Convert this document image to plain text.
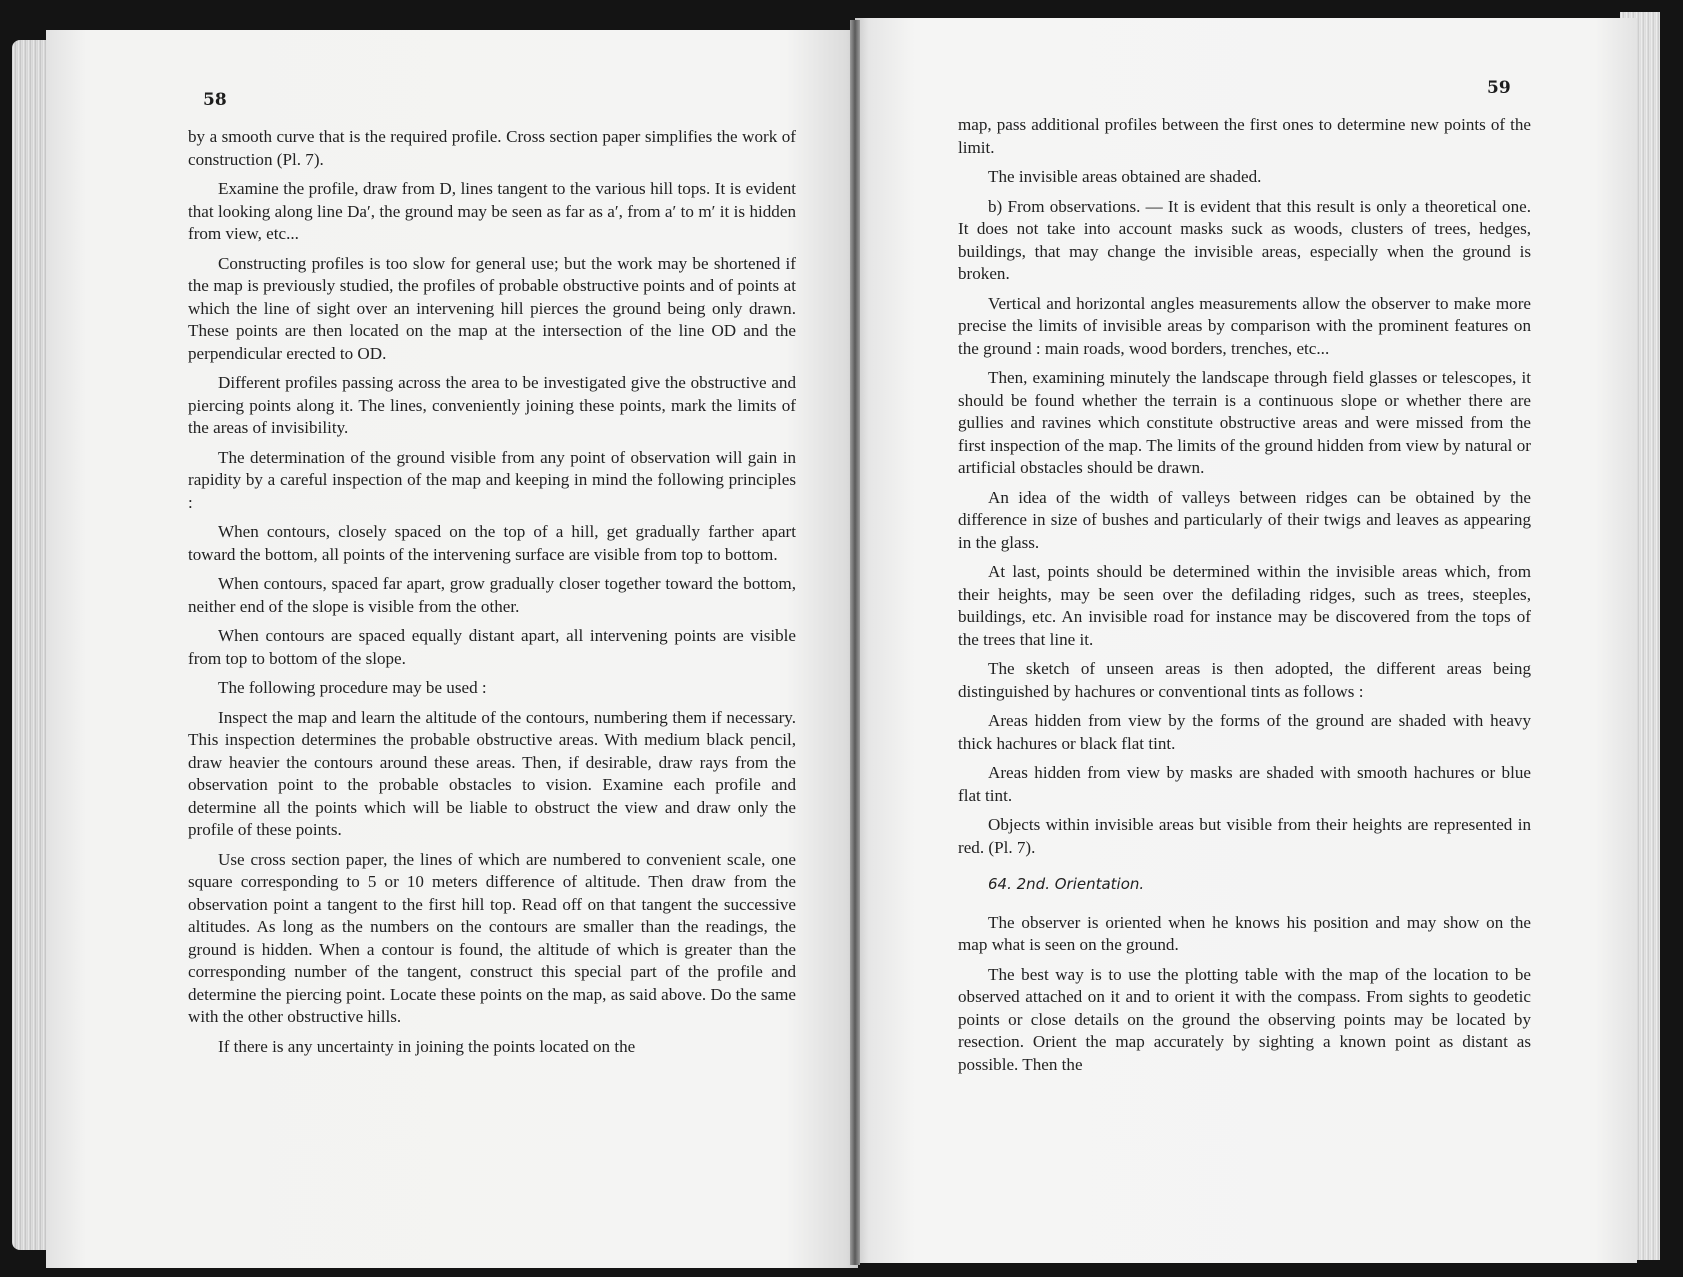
58

by a smooth curve that is the required profile. Cross section paper simplifies the work of construction (Pl. 7).

Examine the profile, draw from D, lines tangent to the various hill tops. It is evident that looking along line Da′, the ground may be seen as far as a′, from a′ to m′ it is hidden from view, etc...

Constructing profiles is too slow for general use; but the work may be shortened if the map is previously studied, the profiles of probable obstructive points and of points at which the line of sight over an intervening hill pierces the ground being only drawn. These points are then located on the map at the intersection of the line OD and the perpendicular erected to OD.

Different profiles passing across the area to be investigated give the obstructive and piercing points along it. The lines, conveniently joining these points, mark the limits of the areas of invisibility.

The determination of the ground visible from any point of observation will gain in rapidity by a careful inspection of the map and keeping in mind the following principles :

When contours, closely spaced on the top of a hill, get gradually farther apart toward the bottom, all points of the intervening surface are visible from top to bottom.

When contours, spaced far apart, grow gradually closer together toward the bottom, neither end of the slope is visible from the other.

When contours are spaced equally distant apart, all intervening points are visible from top to bottom of the slope.

The following procedure may be used :

Inspect the map and learn the altitude of the contours, numbering them if necessary. This inspection determines the probable obstructive areas. With medium black pencil, draw heavier the contours around these areas. Then, if desirable, draw rays from the observation point to the probable obstacles to vision. Examine each profile and determine all the points which will be liable to obstruct the view and draw only the profile of these points.

Use cross section paper, the lines of which are numbered to convenient scale, one square corresponding to 5 or 10 meters difference of altitude. Then draw from the observation point a tangent to the first hill top. Read off on that tangent the successive altitudes. As long as the numbers on the contours are smaller than the readings, the ground is hidden. When a contour is found, the altitude of which is greater than the corresponding number of the tangent, construct this special part of the profile and determine the piercing point. Locate these points on the map, as said above. Do the same with the other obstructive hills.

If there is any uncertainty in joining the points located on the

59

map, pass additional profiles between the first ones to determine new points of the limit.

The invisible areas obtained are shaded.

b) From observations. — It is evident that this result is only a theoretical one. It does not take into account masks suck as woods, clusters of trees, hedges, buildings, that may change the invisible areas, especially when the ground is broken.

Vertical and horizontal angles measurements allow the observer to make more precise the limits of invisible areas by comparison with the prominent features on the ground : main roads, wood borders, trenches, etc...

Then, examining minutely the landscape through field glasses or telescopes, it should be found whether the terrain is a continuous slope or whether there are gullies and ravines which constitute obstructive areas and were missed from the first inspection of the map. The limits of the ground hidden from view by natural or artificial obstacles should be drawn.

An idea of the width of valleys between ridges can be obtained by the difference in size of bushes and particularly of their twigs and leaves as appearing in the glass.

At last, points should be determined within the invisible areas which, from their heights, may be seen over the defilading ridges, such as trees, steeples, buildings, etc. An invisible road for instance may be discovered from the tops of the trees that line it.

The sketch of unseen areas is then adopted, the different areas being distinguished by hachures or conventional tints as follows :

Areas hidden from view by the forms of the ground are shaded with heavy thick hachures or black flat tint.

Areas hidden from view by masks are shaded with smooth hachures or blue flat tint.

Objects within invisible areas but visible from their heights are represented in red. (Pl. 7).

64. 2nd. Orientation.

The observer is oriented when he knows his position and may show on the map what is seen on the ground.

The best way is to use the plotting table with the map of the location to be observed attached on it and to orient it with the compass. From sights to geodetic points or close details on the ground the observing points may be located by resection. Orient the map accurately by sighting a known point as distant as possible. Then the
